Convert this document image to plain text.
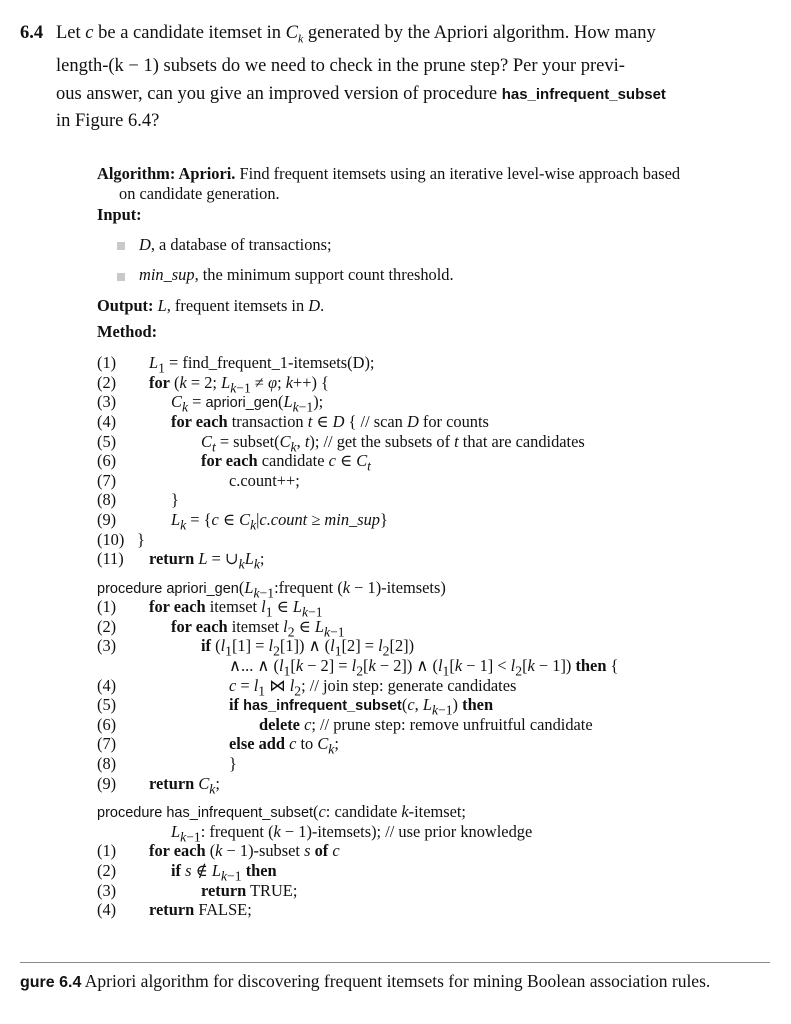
6.4 Let c be a candidate itemset in $C_k$ generated by the Apriori algorithm. How many
length-(k − 1) subsets do we need to check in the prune step? Per your previ-
ous answer, can you give an improved version of procedure has_infrequent_subset
in Figure 6.4?
Algorithm: Apriori. Find frequent itemsets using an iterative level-wise approach based
on candidate generation.
Input:
D, a database of transactions;
min_sup, the minimum support count threshold.
Output: L, frequent itemsets in D.
Method:
(1) $L_1$ = find_frequent_1-itemsets(D);
(2) for (k = 2; $L_{k-1} \ne \varphi$; k++) {
(3)	$C_k$ = $apriori\_gen(L_{k-1})$;
(4)	for each transaction t ∈ D { // scan D for counts
(5)	$C_t$ = $subset(C_k$, t); // get the subsets of t that are candidates
(6)	for each candidate c ∈ $C_t$
(7)	c.count++;
(8)	}
(9)	$L_k = \{c$ ∈ $C_k|c.count$ ≥ min_sup}
(10) }
(11) return $L = \cup_kL_k$;
procedure $apriori\_gen(L_{k-1}:frequent$ (k − 1)-itemsets)
(1) for each itemset $l_1$ ∈ $L_{k-1}$
(2)	for each itemset $l_2$ ∈ $L_{k-1}$
(3)	if $(l_1[1] = l_2[1])$ ∧ $(l_1[2] = l_2[2])$
∧... ∧ $(l_1[k - 2] = l_2[k - 2])$ ∧ $(l_1[k - 1] < l_2[k - 1])$ then {
(4)	$c = l_1$ ⋈ $l_2$; // join step: generate candidates
(5)	if has_infrequent_subset(c, $L_{k-1}$) then
(6)	delete c; // prune step: remove unfruitful candidate
(7)	else add c to $C_k$;
(8)	}
(9) return $C_k$;
procedure has_infrequent_subset(c: candidate k-itemset;
$L_{k-1}$: frequent (k − 1)-itemsets); // use prior knowledge
(1) for each (k − 1)-subset s of c
(2)	if s ∉ $L_{k-1}$ then
(3)	return TRUE;
(4) return FALSE;
gure 6.4 Apriori algorithm for discovering frequent itemsets for mining Boolean association rules.
